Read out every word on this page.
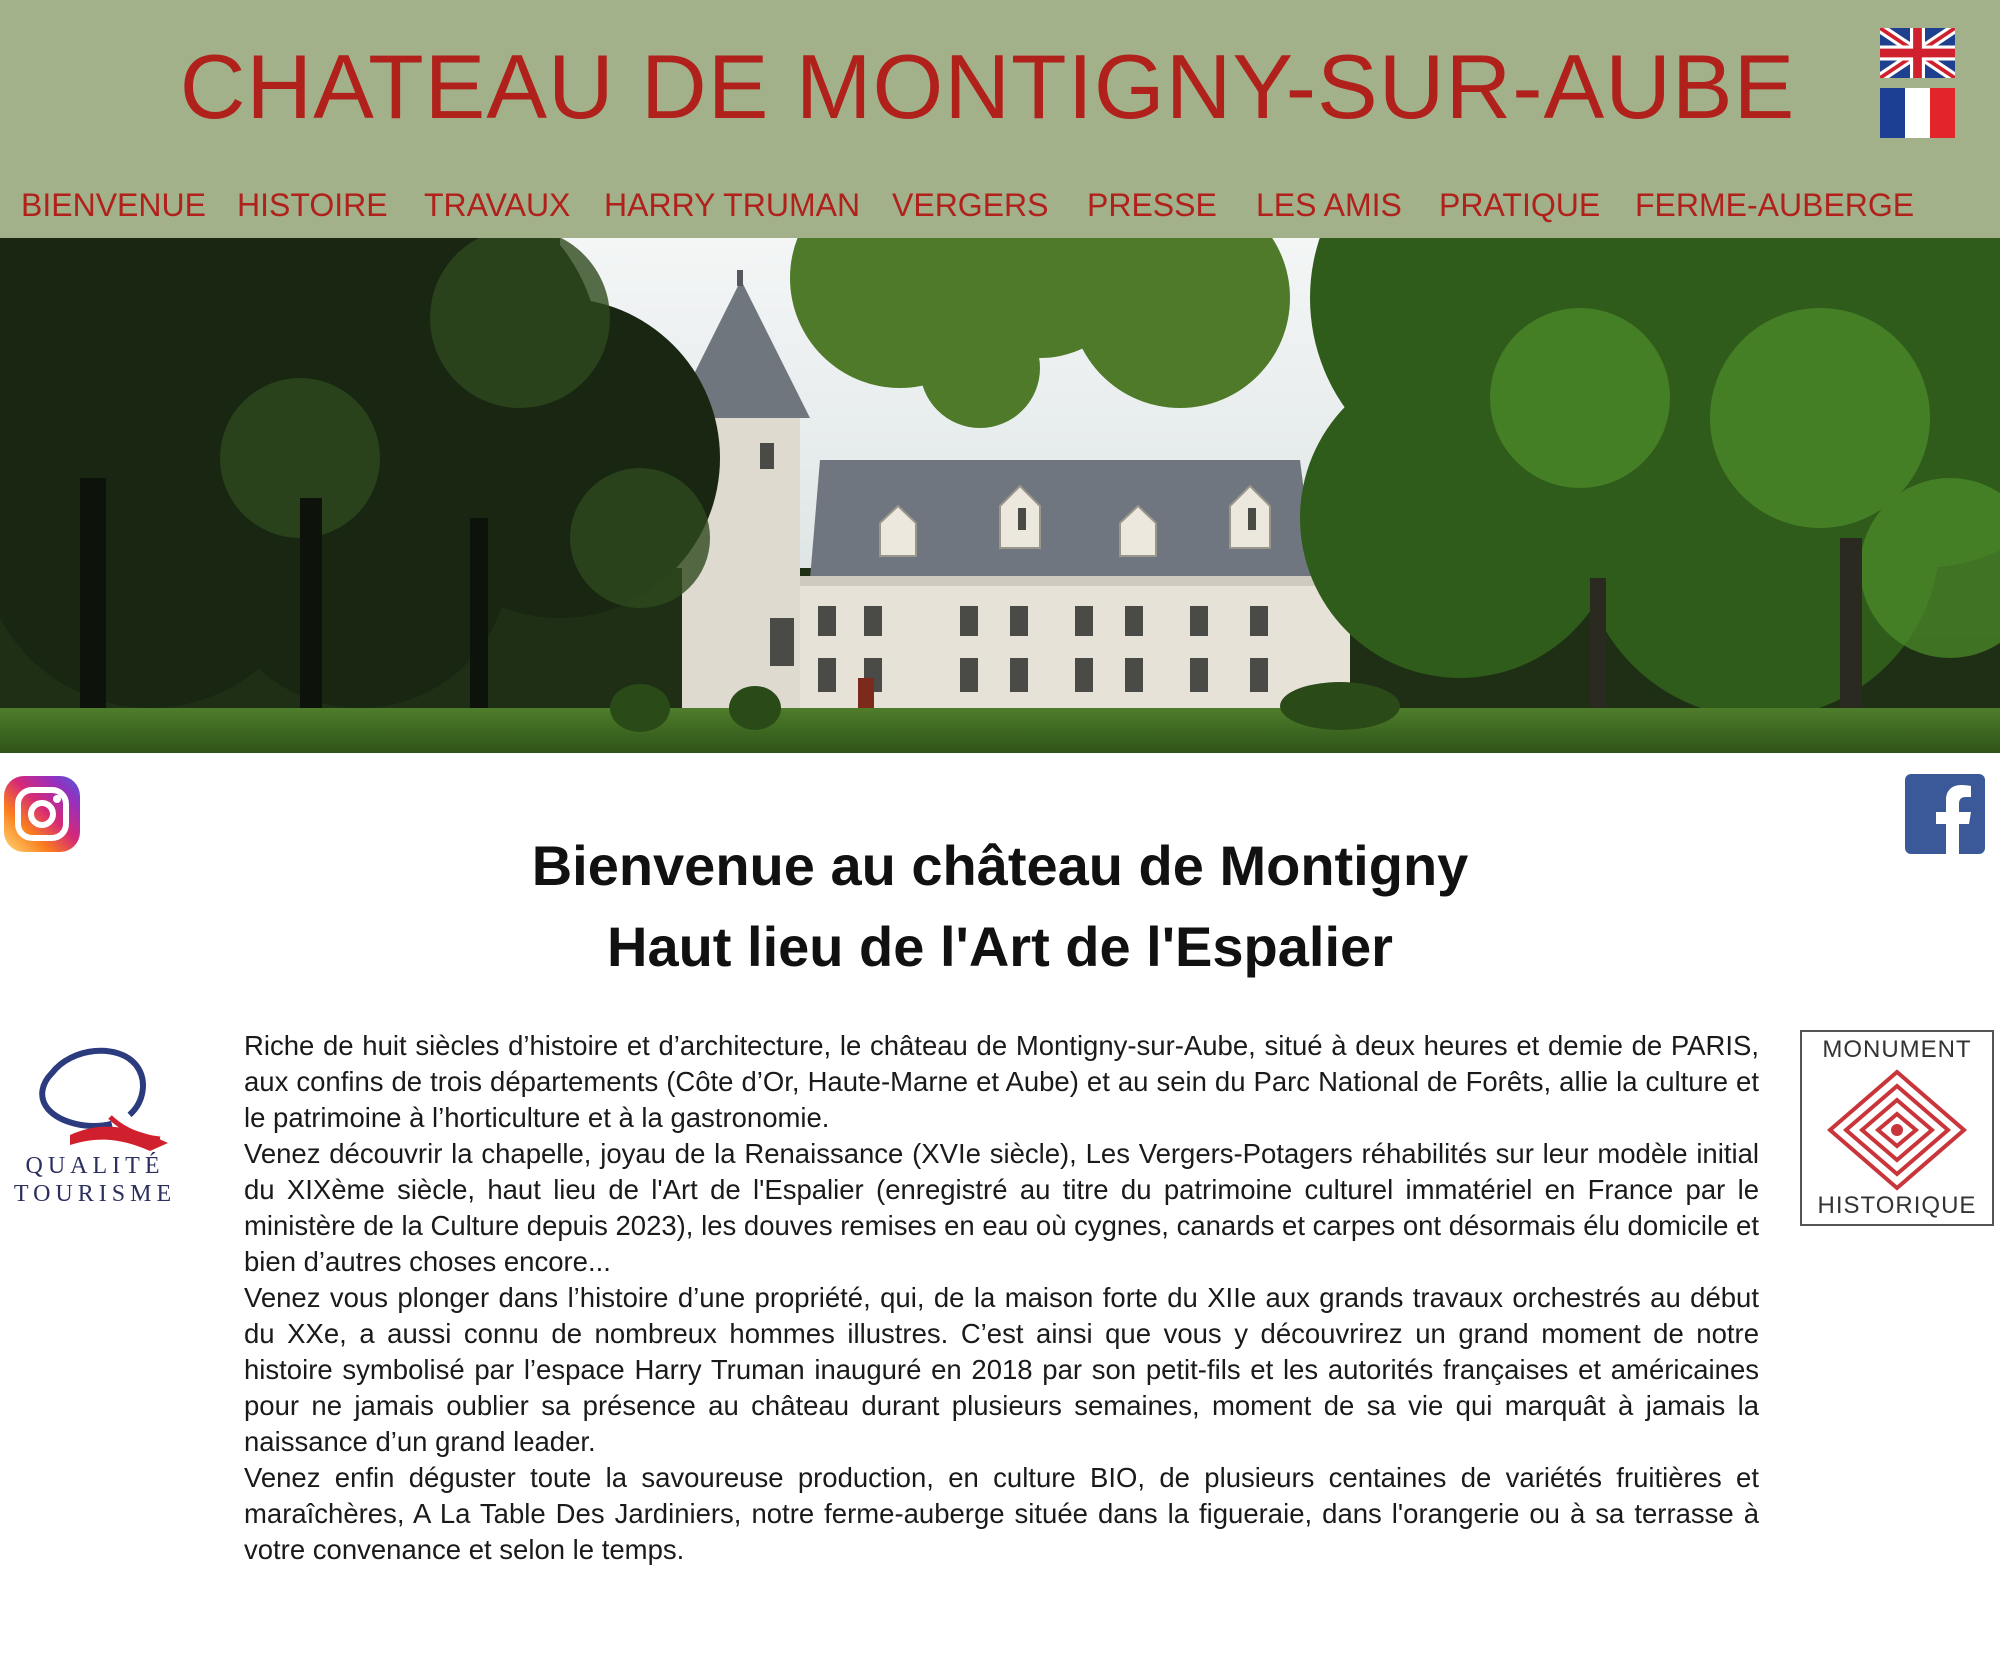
CHATEAU DE MONTIGNY-SUR-AUBE
BIENVENUE HISTOIRE TRAVAUX HARRY TRUMAN VERGERS PRESSE LES AMIS PRATIQUE FERME-AUBERGE
Bienvenue au château de Montigny
Haut lieu de l'Art de l'Espalier
QUALITÉ
TOURISME
MONUMENT
HISTORIQUE

Riche de huit siècles d’histoire et d’architecture, le château de Montigny-sur-Aube, situé à deux heures et demie de PARIS, aux confins de trois départements (Côte d’Or, Haute-Marne et Aube) et au sein du Parc National de Forêts, allie la culture et le patrimoine à l’horticulture et à la gastronomie.

Venez découvrir la chapelle, joyau de la Renaissance (XVIe siècle), Les Vergers-Potagers réhabilités sur leur modèle initial du XIXème siècle, haut lieu de l'Art de l'Espalier (enregistré au titre du patrimoine culturel immatériel en France par le ministère de la Culture depuis 2023), les douves remises en eau où cygnes, canards et carpes ont désormais élu domicile et bien d’autres choses encore...

Venez vous plonger dans l’histoire d’une propriété, qui, de la maison forte du XIIe aux grands travaux orchestrés au début du XXe, a aussi connu de nombreux hommes illustres. C’est ainsi que vous y découvrirez un grand moment de notre histoire symbolisé par l’espace Harry Truman inauguré en 2018 par son petit-fils et les autorités françaises et américaines pour ne jamais oublier sa présence au château durant plusieurs semaines, moment de sa vie qui marquât à jamais la naissance d’un grand leader.

Venez enfin déguster toute la savoureuse production, en culture BIO, de plusieurs centaines de variétés fruitières et maraîchères, A La Table Des Jardiniers, notre ferme-auberge située dans la figueraie, dans l'orangerie ou à sa terrasse à votre convenance et selon le temps.
